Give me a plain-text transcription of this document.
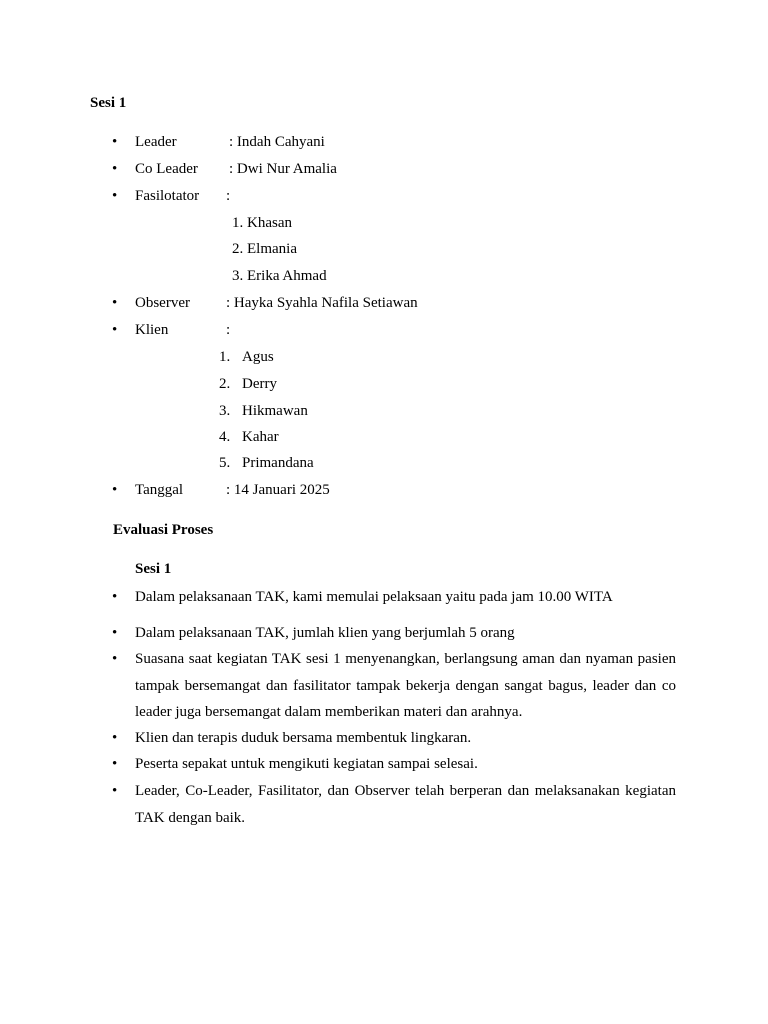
Sesi 1
• Leader	: Indah Cahyani
• Co Leader : Dwi Nur Amalia
• Fasilotator :
1. Khasan
2. Elmania
3. Erika Ahmad
• Observer : Hayka Syahla Nafila Setiawan
• Klien	:
1. Agus
2. Derry
3. Hikmawan
4. Kahar
5. Primandana
• Tanggal	: 14 Januari 2025
Evaluasi Proses
Sesi 1
• Dalam pelaksanaan TAK, kami memulai pelaksaan yaitu pada jam 10.00 WITA
• Dalam pelaksanaan TAK, jumlah klien yang berjumlah 5 orang
• Suasana saat kegiatan TAK sesi 1 menyenangkan, berlangsung aman dan nyaman pasien tampak bersemangat dan fasilitator tampak bekerja dengan sangat bagus, leader dan co leader juga bersemangat dalam memberikan materi dan arahnya.
• Klien dan terapis duduk bersama membentuk lingkaran.
• Peserta sepakat untuk mengikuti kegiatan sampai selesai.
• Leader, Co-Leader, Fasilitator, dan Observer telah berperan dan melaksanakan kegiatan TAK dengan baik.
